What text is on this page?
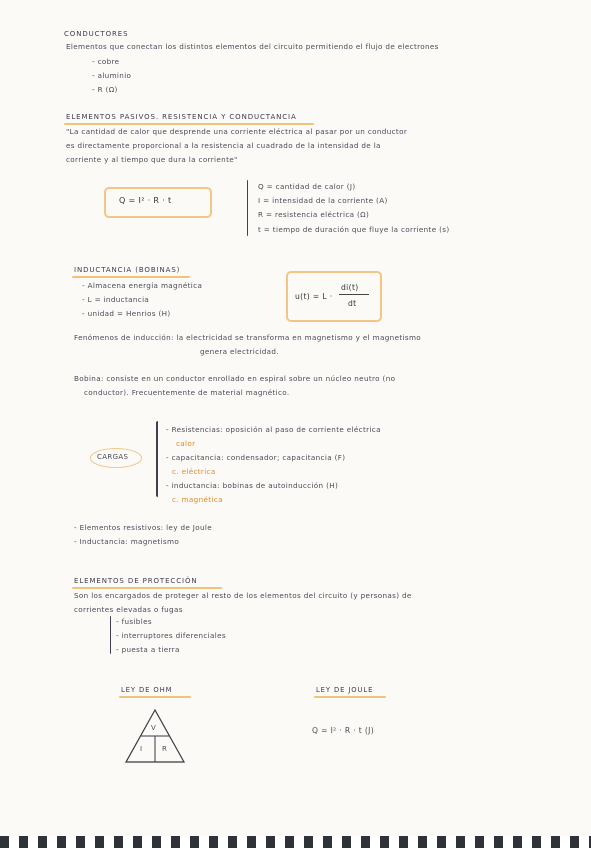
CONDUCTORES
Elementos que conectan los distintos elementos del circuito permitiendo el flujo de electrones
- cobre
- aluminio
- R (Ω)
ELEMENTOS PASIVOS. RESISTENCIA Y CONDUCTANCIA
"La cantidad de calor que desprende una corriente eléctrica al pasar por un conductor
es directamente proporcional a la resistencia al cuadrado de la intensidad de la
corriente y al tiempo que dura la corriente"
Q = I² · R · t
Q = cantidad de calor (J)
I = intensidad de la corriente (A)
R = resistencia eléctrica (Ω)
t = tiempo de duración que fluye la corriente (s)
INDUCTANCIA (BOBINAS)
- Almacena energía magnética
- L = inductancia
- unidad = Henrios (H)
u(t) = L ·
di(t)
dt
Fenómenos de inducción: la electricidad se transforma en magnetismo y el magnetismo
genera electricidad.
Bobina: consiste en un conductor enrollado en espiral sobre un núcleo neutro (no
conductor). Frecuentemente de material magnético.
CARGAS
- Resistencias: oposición al paso de corriente eléctrica
calor
- capacitancia: condensador; capacitancia (F)
c. eléctrica
- inductancia: bobinas de autoinducción (H)
c. magnética
- Elementos resistivos: ley de Joule
- Inductancia: magnetismo
ELEMENTOS DE PROTECCIÓN
Son los encargados de proteger al resto de los elementos del circuito (y personas) de
corrientes elevadas o fugas
- fusibles
- interruptores diferenciales
- puesta a tierra
LEY DE OHM
V
I	R
LEY DE JOULE
Q = I² · R · t (J)
